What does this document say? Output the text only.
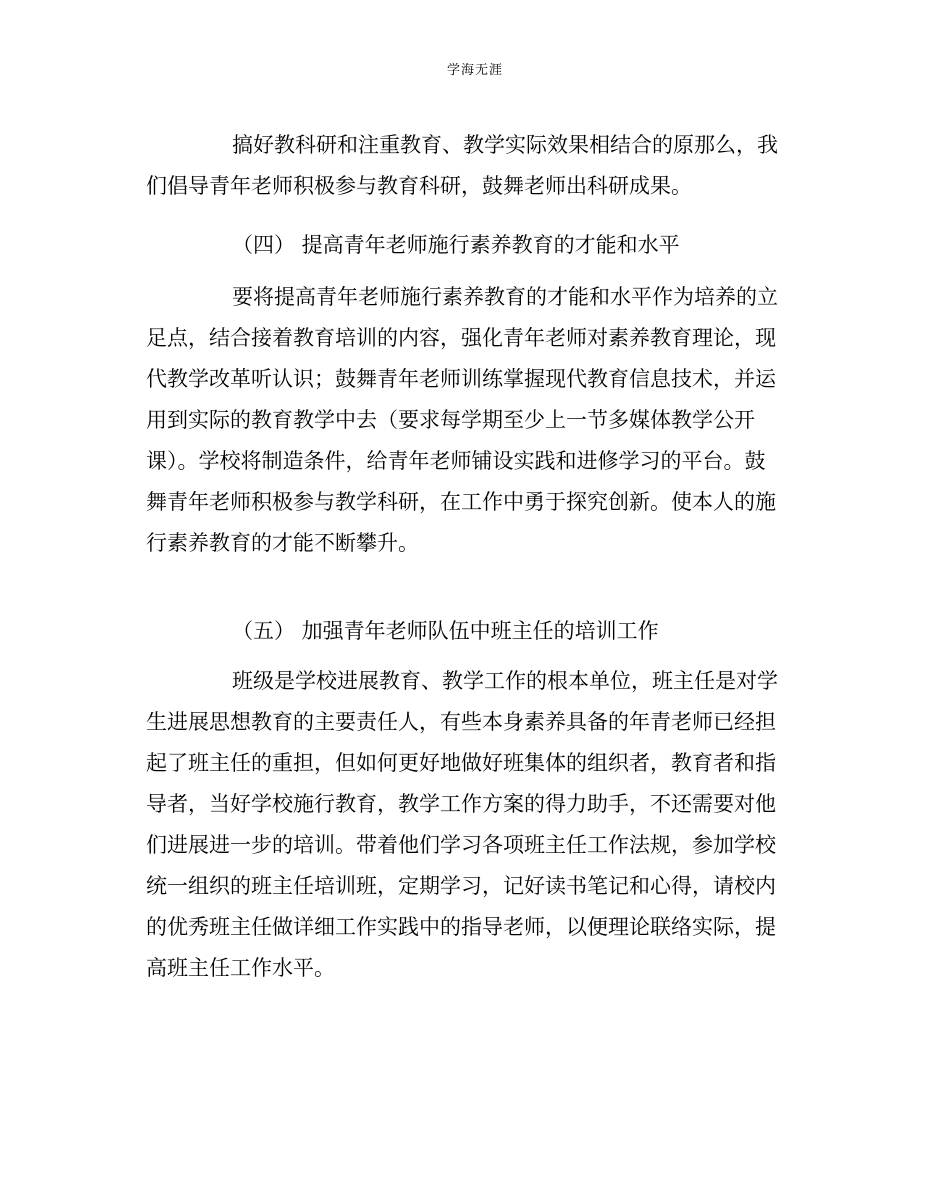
学海无涯
搞好教科研和注重教育、教学实际效果相结合的原那么，我
们倡导青年老师积极参与教育科研，鼓舞老师出科研成果。
（四） 提高青年老师施行素养教育的才能和水平
要将提高青年老师施行素养教育的才能和水平作为培养的立
足点，结合接着教育培训的内容，强化青年老师对素养教育理论，现
代教学改革听认识；鼓舞青年老师训练掌握现代教育信息技术，并运
用到实际的教育教学中去（要求每学期至少上一节多媒体教学公开
课）。学校将制造条件，给青年老师铺设实践和进修学习的平台。鼓
舞青年老师积极参与教学科研，在工作中勇于探究创新。使本人的施
行素养教育的才能不断攀升。
（五） 加强青年老师队伍中班主任的培训工作
班级是学校进展教育、教学工作的根本单位，班主任是对学
生进展思想教育的主要责任人，有些本身素养具备的年青老师已经担
起了班主任的重担，但如何更好地做好班集体的组织者，教育者和指
导者，当好学校施行教育，教学工作方案的得力助手，不还需要对他
们进展进一步的培训。带着他们学习各项班主任工作法规，参加学校
统一组织的班主任培训班，定期学习，记好读书笔记和心得，请校内
的优秀班主任做详细工作实践中的指导老师，以便理论联络实际，提
高班主任工作水平。
